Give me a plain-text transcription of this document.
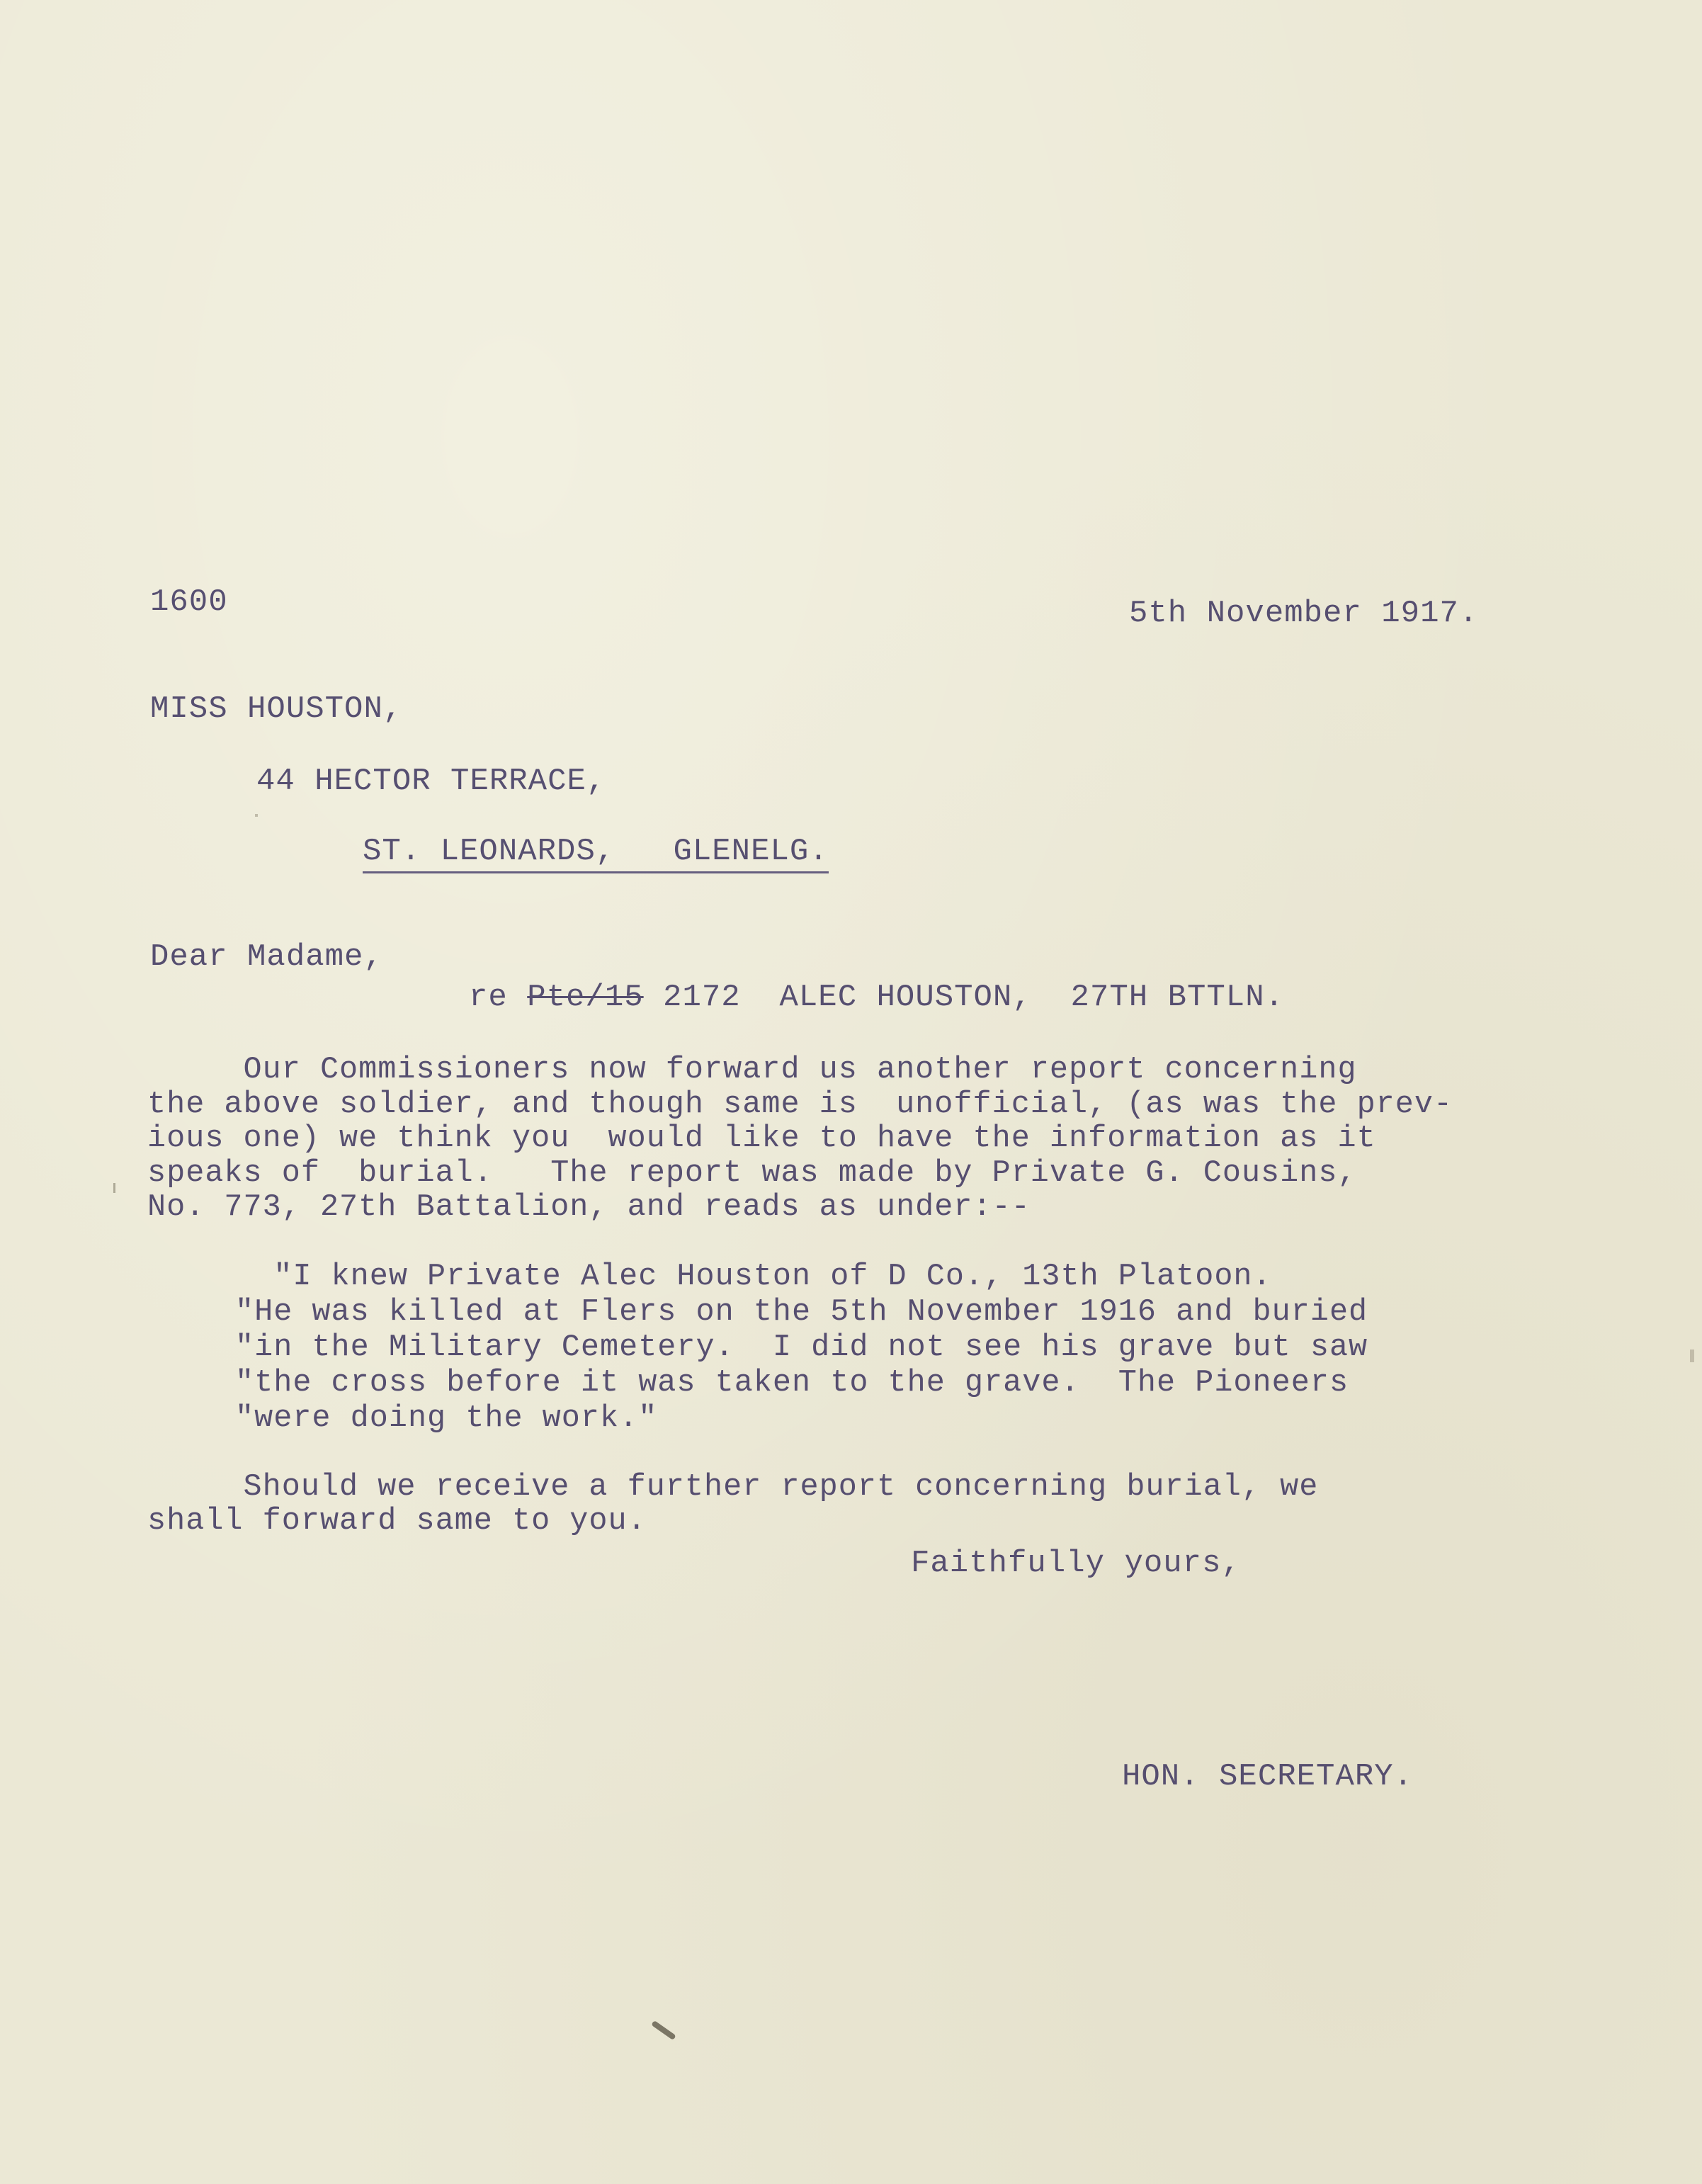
1600	5th November 1917.
MISS HOUSTON,
44 HECTOR TERRACE,
ST. LEONARDS,   GLENELG.
Dear Madame,
re Pte/15 2172  ALEC HOUSTON,  27TH BTTLN.
Our Commissioners now forward us another report concerning
the above soldier, and though same is  unofficial, (as was the prev-
ious one) we think you  would like to have the information as it
speaks of  burial.   The report was made by Private G. Cousins,
No. 773, 27th Battalion, and reads as under:--
"I knew Private Alec Houston of D Co., 13th Platoon.
"He was killed at Flers on the 5th November 1916 and buried
"in the Military Cemetery.  I did not see his grave but saw
"the cross before it was taken to the grave.  The Pioneers
"were doing the work."
Should we receive a further report concerning burial, we
shall forward same to you.
Faithfully yours,
HON. SECRETARY.
